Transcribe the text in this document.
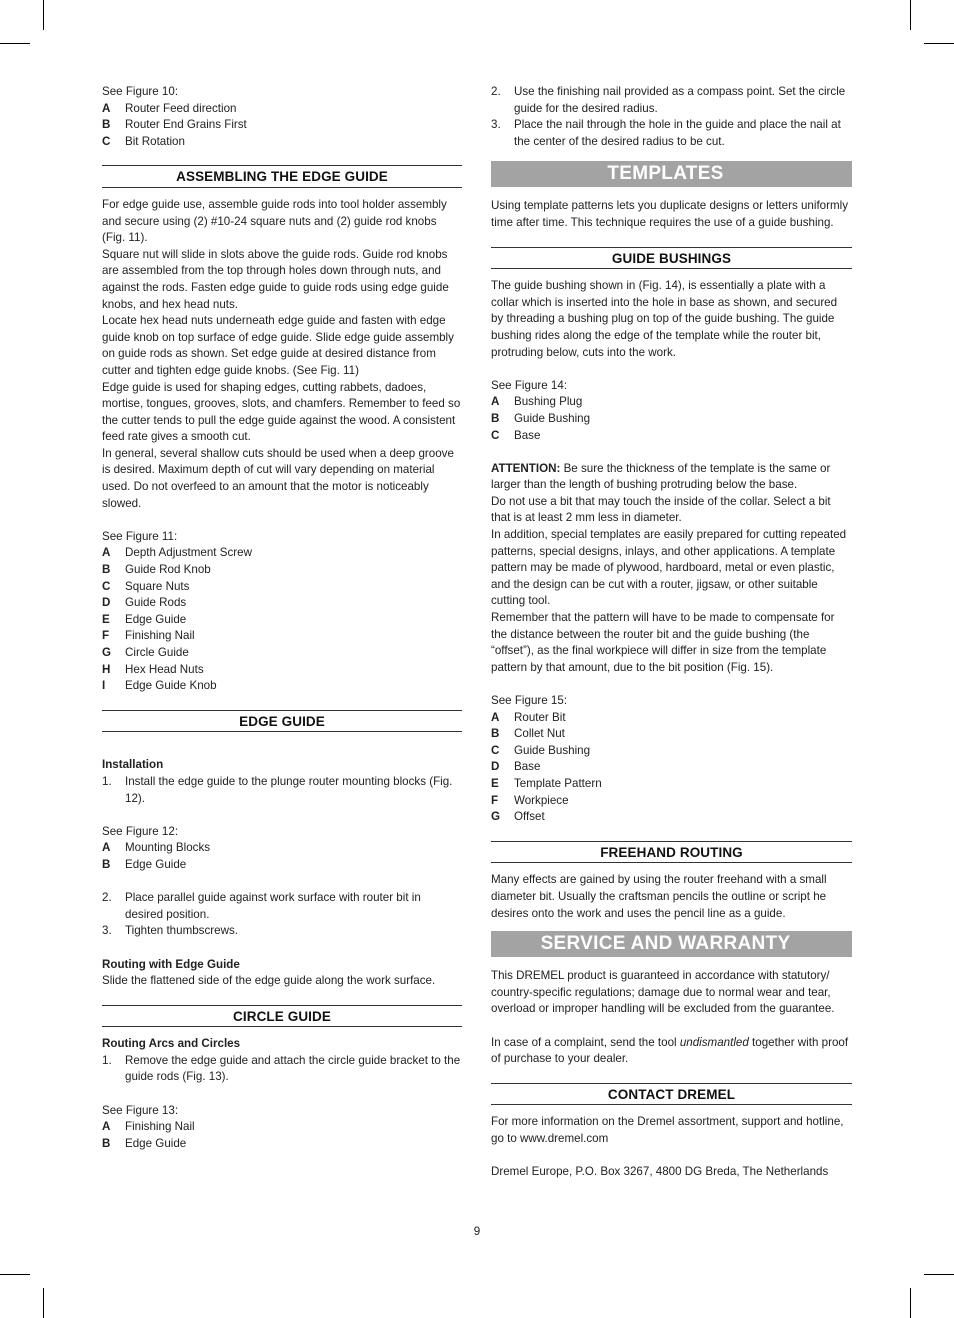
See Figure 10:

A	Router Feed direction
B	Router End Grains First
C	Bit Rotation
ASSEMBLING THE EDGE GUIDE

For edge guide use, assemble guide rods into tool holder assembly and secure using (2) #10-24 square nuts and (2) guide rod knobs (Fig. 11).

Square nut will slide in slots above the guide rods. Guide rod knobs are assembled from the top through holes down through nuts, and against the rods. Fasten edge guide to guide rods using edge guide knobs, and hex head nuts.

Locate hex head nuts underneath edge guide and fasten with edge guide knob on top surface of edge guide. Slide edge guide assembly on guide rods as shown. Set edge guide at desired distance from cutter and tighten edge guide knobs. (See Fig. 11)

Edge guide is used for shaping edges, cutting rabbets, dadoes, mortise, tongues, grooves, slots, and chamfers. Remember to feed so the cutter tends to pull the edge guide against the wood. A consistent feed rate gives a smooth cut.

In general, several shallow cuts should be used when a deep groove is desired. Maximum depth of cut will vary depending on material used. Do not overfeed to an amount that the motor is noticeably slowed.

See Figure 11:

A	Depth Adjustment Screw
B	Guide Rod Knob
C	Square Nuts
D	Guide Rods
E	Edge Guide
F	Finishing Nail
G	Circle Guide
H	Hex Head Nuts
I	Edge Guide Knob
EDGE GUIDE

Installation

1.	Install the edge guide to the plunge router mounting blocks (Fig. 12).

See Figure 12:

A	Mounting Blocks
B	Edge Guide
2.	Place parallel guide against work surface with router bit in desired position.
3.	Tighten thumbscrews.

Routing with Edge Guide

Slide the flattened side of the edge guide along the work surface.

CIRCLE GUIDE

Routing Arcs and Circles

1.	Remove the edge guide and attach the circle guide bracket to the guide rods (Fig. 13).

See Figure 13:

A	Finishing Nail
B	Edge Guide
2.	Use the finishing nail provided as a compass point. Set the circle guide for the desired radius.
3.	Place the nail through the hole in the guide and place the nail at the center of the desired radius to be cut.
TEMPLATES

Using template patterns lets you duplicate designs or letters uniformly time after time. This technique requires the use of a guide bushing.

GUIDE BUSHINGS

The guide bushing shown in (Fig. 14), is essentially a plate with a collar which is inserted into the hole in base as shown, and secured by threading a bushing plug on top of the guide bushing. The guide bushing rides along the edge of the template while the router bit, protruding below, cuts into the work.

See Figure 14:

A	Bushing Plug
B	Guide Bushing
C	Base

ATTENTION: Be sure the thickness of the template is the same or larger than the length of bushing protruding below the base.

Do not use a bit that may touch the inside of the collar. Select a bit that is at least 2 mm less in diameter.

In addition, special templates are easily prepared for cutting repeated patterns, special designs, inlays, and other applications. A template pattern may be made of plywood, hardboard, metal or even plastic, and the design can be cut with a router, jigsaw, or other suitable cutting tool.

Remember that the pattern will have to be made to compensate for the distance between the router bit and the guide bushing (the “offset”), as the final workpiece will differ in size from the template pattern by that amount, due to the bit position (Fig. 15).

See Figure 15:

A	Router Bit
B	Collet Nut
C	Guide Bushing
D	Base
E	Template Pattern
F	Workpiece
G	Offset
FREEHAND ROUTING

Many effects are gained by using the router freehand with a small diameter bit. Usually the craftsman pencils the outline or script he desires onto the work and uses the pencil line as a guide.

SERVICE AND WARRANTY

This DREMEL product is guaranteed in accordance with statutory/ country-specific regulations; damage due to normal wear and tear, overload or improper handling will be excluded from the guarantee.

In case of a complaint, send the tool undismantled together with proof of purchase to your dealer.

CONTACT DREMEL

For more information on the Dremel assortment, support and hotline, go to www.dremel.com

Dremel Europe, P.O. Box 3267, 4800 DG Breda, The Netherlands

9
